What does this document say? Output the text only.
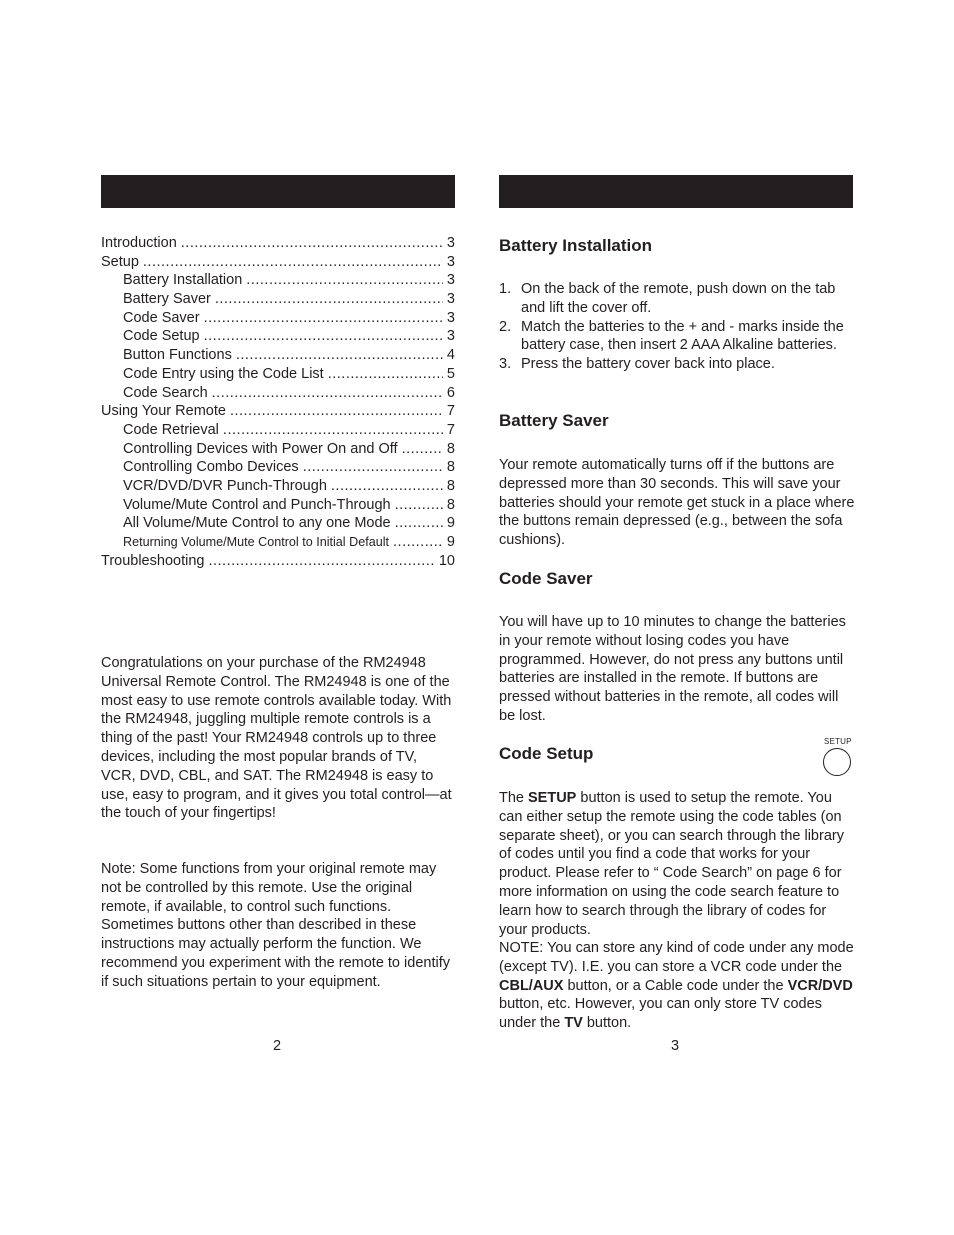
Introduction .....	3
Setup .....	3
Battery Installation .....	3
Battery Saver .....	3
Code Saver .....	3
Code Setup .....	3
Button Functions .....	4
Code Entry using the Code List .....	5
Code Search .....	6
Using Your Remote .....	7
Code Retrieval .....	7
Controlling Devices with Power On and Off .....	8
Controlling Combo Devices .....	8
VCR/DVD/DVR Punch-Through .....	8
Volume/Mute Control and Punch-Through .....	8
All Volume/Mute Control to any one Mode .....	9
Returning Volume/Mute Control to Initial Default .....	9
Troubleshooting .....	10

Congratulations on your purchase of the RM24948 Universal Remote Control. The RM24948 is one of the most easy to use remote controls available today. With the RM24948, juggling multiple remote controls is a thing of the past! Your RM24948 controls up to three devices, including the most popular brands of TV, VCR, DVD, CBL, and SAT. The RM24948 is easy to use, easy to program, and it gives you total control—at the touch of your fingertips!

Note: Some functions from your original remote may not be controlled by this remote. Use the original remote, if available, to control such functions. Sometimes buttons other than described in these instructions may actually perform the function. We recommend you experiment with the remote to identify if such situations pertain to your equipment.

Battery Installation
1. On the back of the remote, push down on the tab and lift the cover off.
2. Match the batteries to the + and - marks inside the battery case, then insert 2 AAA Alkaline batteries.
3. Press the battery cover back into place.
Battery Saver
Your remote automatically turns off if the buttons are depressed more than 30 seconds. This will save your batteries should your remote get stuck in a place where the buttons remain depressed (e.g., between the sofa cushions).
Code Saver
You will have up to 10 minutes to change the batteries in your remote without losing codes you have programmed. However, do not press any buttons until batteries are installed in the remote. If buttons are pressed without batteries in the remote, all codes will be lost.
Code Setup
SETUP
The SETUP button is used to setup the remote. You can either setup the remote using the code tables (on separate sheet), or you can search through the library of codes until you find a code that works for your product. Please refer to “ Code Search” on page 6 for more information on using the code search feature to learn how to search through the library of codes for your products.
NOTE: You can store any kind of code under any mode (except TV). I.E. you can store a VCR code under the CBL/AUX button, or a Cable code under the VCR/DVD button, etc. However, you can only store TV codes under the TV button.
2	3
